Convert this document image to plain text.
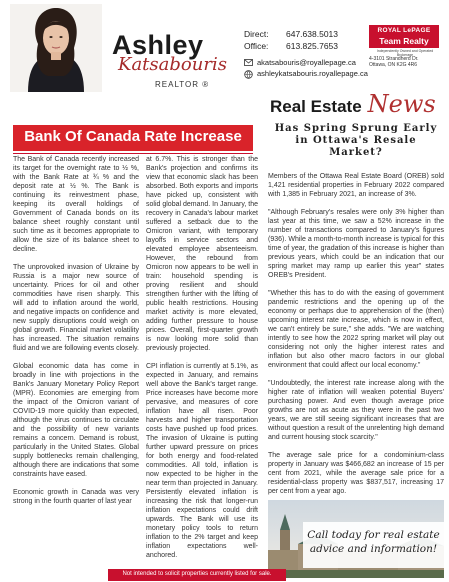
Ashley
Katsabouris
REALTOR ®
Direct: 647.638.5013
Office: 613.825.7653
akatsabouris@royallepage.ca
ashleykatsabouris.royallepage.ca
ROYAL LePAGE
Team Realty
Independently Owned and Operated Brokerage
4-3101 Strandherd Dr.
Ottawa, ON K2G 4R6
Real Estate News
Bank Of Canada Rate Increase

The Bank of Canada recently increased its target for the overnight rate to ½ %, with the Bank Rate at ¾ % and the deposit rate at ½ %. The Bank is continuing its reinvestment phase, keeping its overall holdings of Government of Canada bonds on its balance sheet roughly constant until such time as it becomes appropriate to allow the size of its balance sheet to decline.

The unprovoked invasion of Ukraine by Russia is a major new source of uncertainty. Prices for oil and other commodities have risen sharply. This will add to inflation around the world, and negative impacts on confidence and new supply disruptions could weigh on global growth. Financial market volatility has increased. The situation remains fluid and we are following events closely.

Global economic data has come in broadly in line with projections in the Bank's January Monetary Policy Report (MPR). Economies are emerging from the impact of the Omicron variant of COVID-19 more quickly than expected, although the virus continues to circulate and the possibility of new variants remains a concern. Demand is robust, particularly in the United States. Global supply bottlenecks remain challenging, although there are indications that some constraints have eased.

Economic growth in Canada was very strong in the fourth quarter of last year

at 6.7%. This is stronger than the Bank's projection and confirms its view that economic slack has been absorbed. Both exports and imports have picked up, consistent with solid global demand. In January, the recovery in Canada's labour market suffered a setback due to the Omicron variant, with temporary layoffs in service sectors and elevated employee absenteeism. However, the rebound from Omicron now appears to be well in train: household spending is proving resilient and should strengthen further with the lifting of public health restrictions. Housing market activity is more elevated, adding further pressure to house prices. Overall, first-quarter growth is now looking more solid than previously projected.

CPI inflation is currently at 5.1%, as expected in January, and remains well above the Bank's target range. Price increases have become more pervasive, and measures of core inflation have all risen. Poor harvests and higher transportation costs have pushed up food prices. The invasion of Ukraine is putting further upward pressure on prices for both energy and food-related commodities. All told, inflation is now expected to be higher in the near term than projected in January. Persistently elevated inflation is increasing the risk that longer-run inflation expectations could drift upwards. The Bank will use its monetary policy tools to return inflation to the 2% target and keep inflation expectations well-anchored.

Has Spring Sprung Early in Ottawa's Resale Market?

Members of the Ottawa Real Estate Board (OREB) sold 1,421 residential properties in February 2022 compared with 1,385 in February 2021, an increase of 3%.

"Although February's resales were only 3% higher than last year at this time, we saw a 52% increase in the number of transactions compared to January's figures (936). While a month-to-month increase is typical for this time of year, the gradation of this increase is higher than previous years, which could be an indication that our spring market may ramp up earlier this year" states OREB's President.

"Whether this has to do with the easing of government pandemic restrictions and the opening up of the economy or perhaps due to apprehension of the (then) upcoming interest rate increase, which is now in effect, we can't entirely be sure," she adds. "We are watching intently to see how the 2022 spring market will play out considering not only the higher interest rates and inflation but also other macro factors in our global environment that could affect our local economy."

"Undoubtedly, the interest rate increase along with the higher rate of inflation will weaken potential Buyers' purchasing power. And even though average price growths are not as acute as they were in the past two years, we are still seeing significant increases that are without question a result of the unrelenting high demand and current housing stock scarcity."

The average sale price for a condominium-class property in January was $466,682 an increase of 15 per cent from 2021, while the average sale price for a residential-class property was $837,517, increasing 17 per cent from a year ago.

Call today for real estate
advice and information!
Not intended to solicit properties currently listed for sale.
